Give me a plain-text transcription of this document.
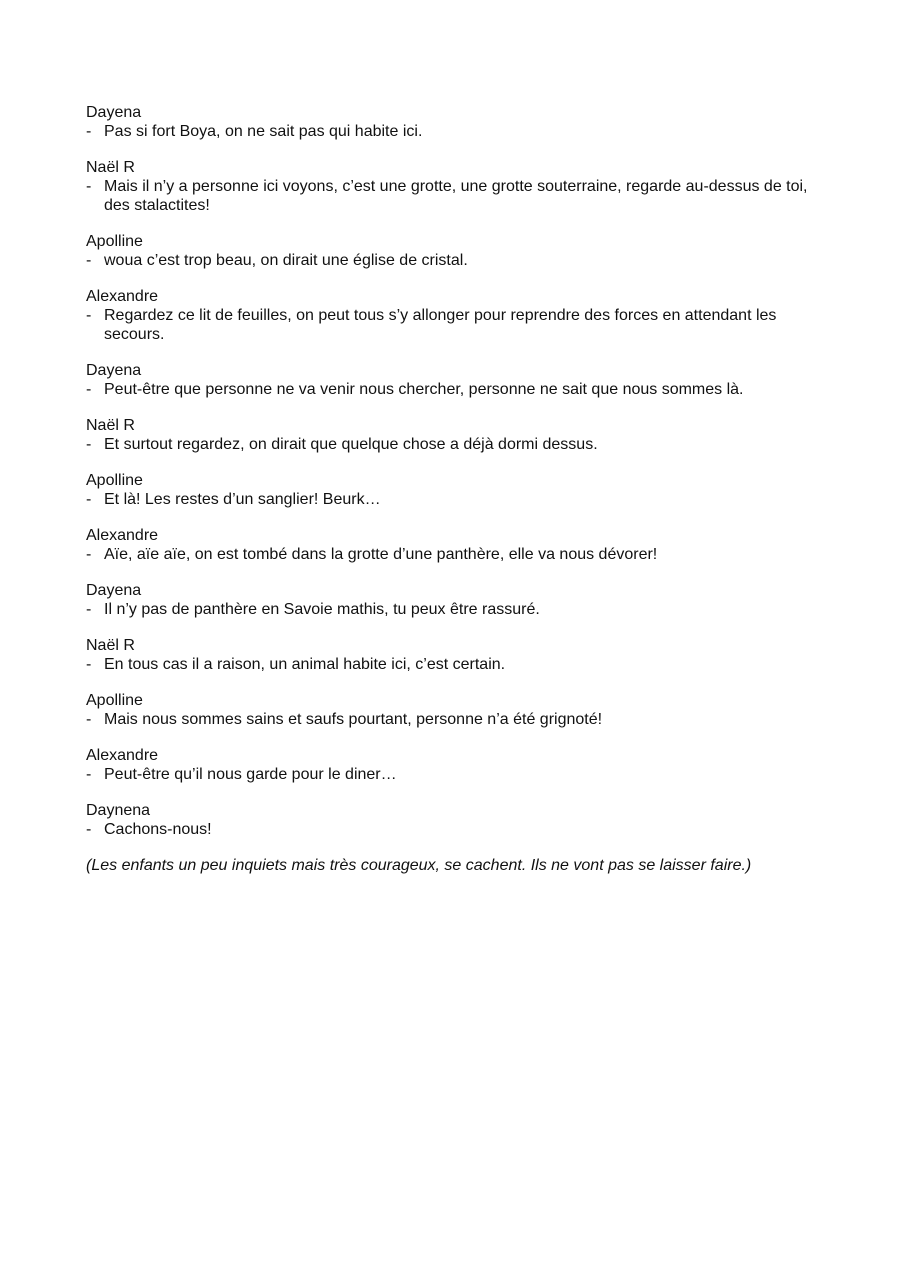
Dayena
- Pas si fort Boya, on ne sait pas qui habite ici.
Naël R
- Mais il n’y a personne ici voyons, c’est une grotte, une grotte souterraine, regarde au-dessus de toi, des stalactites!
Apolline
- woua c’est trop beau, on dirait une église de cristal.
Alexandre
- Regardez ce lit de feuilles, on peut tous s’y allonger pour reprendre des forces en attendant les secours.
Dayena
- Peut-être que personne ne va venir nous chercher, personne ne sait que nous sommes là.
Naël R
- Et surtout regardez, on dirait que quelque chose a déjà dormi dessus.
Apolline
- Et là! Les restes d’un sanglier! Beurk…
Alexandre
- Aïe, aïe aïe, on est tombé dans la grotte d’une panthère, elle va nous dévorer!
Dayena
- Il n’y pas de panthère en Savoie mathis, tu peux être rassuré.
Naël R
- En tous cas il a raison, un animal habite ici, c’est certain.
Apolline
- Mais nous sommes sains et saufs pourtant, personne n’a été grignoté!
Alexandre
- Peut-être qu’il nous garde pour le diner…
Daynena
- Cachons-nous!
(Les enfants un peu inquiets mais très courageux, se cachent. Ils ne vont pas se laisser faire.)
